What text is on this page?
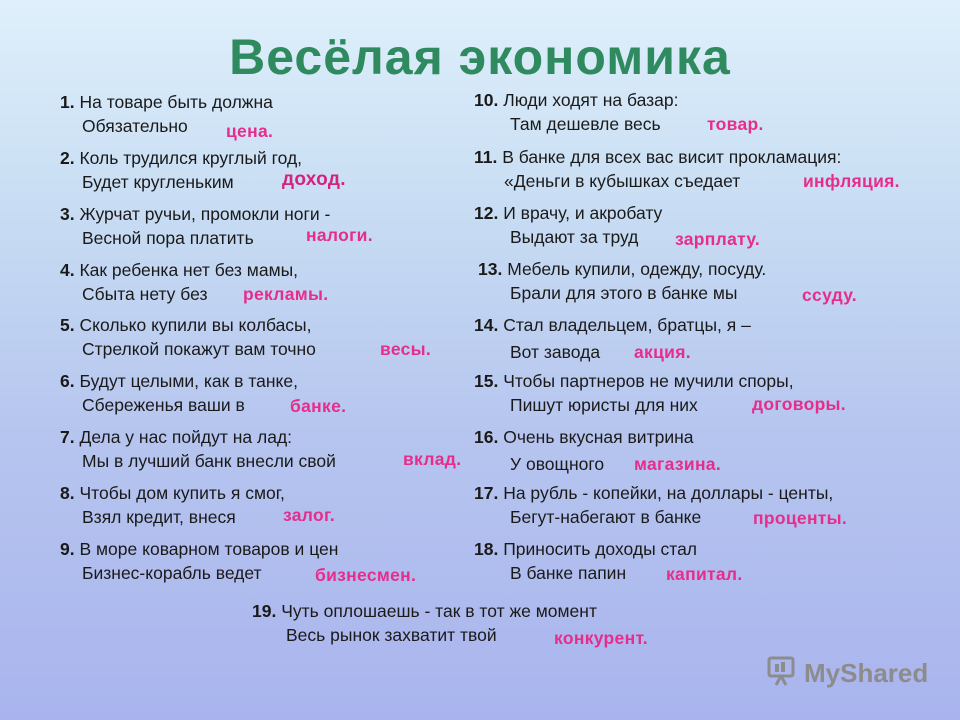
Весёлая экономика
1. На товаре быть должна
Обязательно	цена.
2. Коль трудился круглый год,
Будет кругленьким	доход.
3. Журчат ручьи, промокли ноги -
Весной пора платить	налоги.
4. Как ребенка нет без мамы,
Сбыта нету без	рекламы.
5. Сколько купили вы колбасы,
Стрелкой покажут вам точно	весы.
6. Будут целыми, как в танке,
Сбереженья ваши в	банке.
7. Дела у нас пойдут на лад:
Мы в лучший банк внесли свой	вклад.
8. Чтобы дом купить я смог,
Взял кредит, внеся	залог.
9. В море коварном товаров и цен
Бизнес-корабль ведет	бизнесмен.
10. Люди ходят на базар:
Там дешевле весь	товар.
11. В банке для всех вас висит прокламация:
«Деньги в кубышках съедает	инфляция.
12. И врачу, и акробату
Выдают за труд	зарплату.
13. Мебель купили, одежду, посуду.
Брали для этого в банке мы	ссуду.
14. Стал владельцем, братцы, я –
Вот завода	акция.
15. Чтобы партнеров не мучили споры,
Пишут юристы для них	договоры.
16. Очень вкусная витрина
У овощного	магазина.
17. На рубль - копейки, на доллары - центы,
Бегут-набегают в банке	проценты.
18. Приносить доходы стал
В банке папин	капитал.
19. Чуть оплошаешь - так в тот же момент
Весь рынок захватит твой	конкурент.
MyShared
